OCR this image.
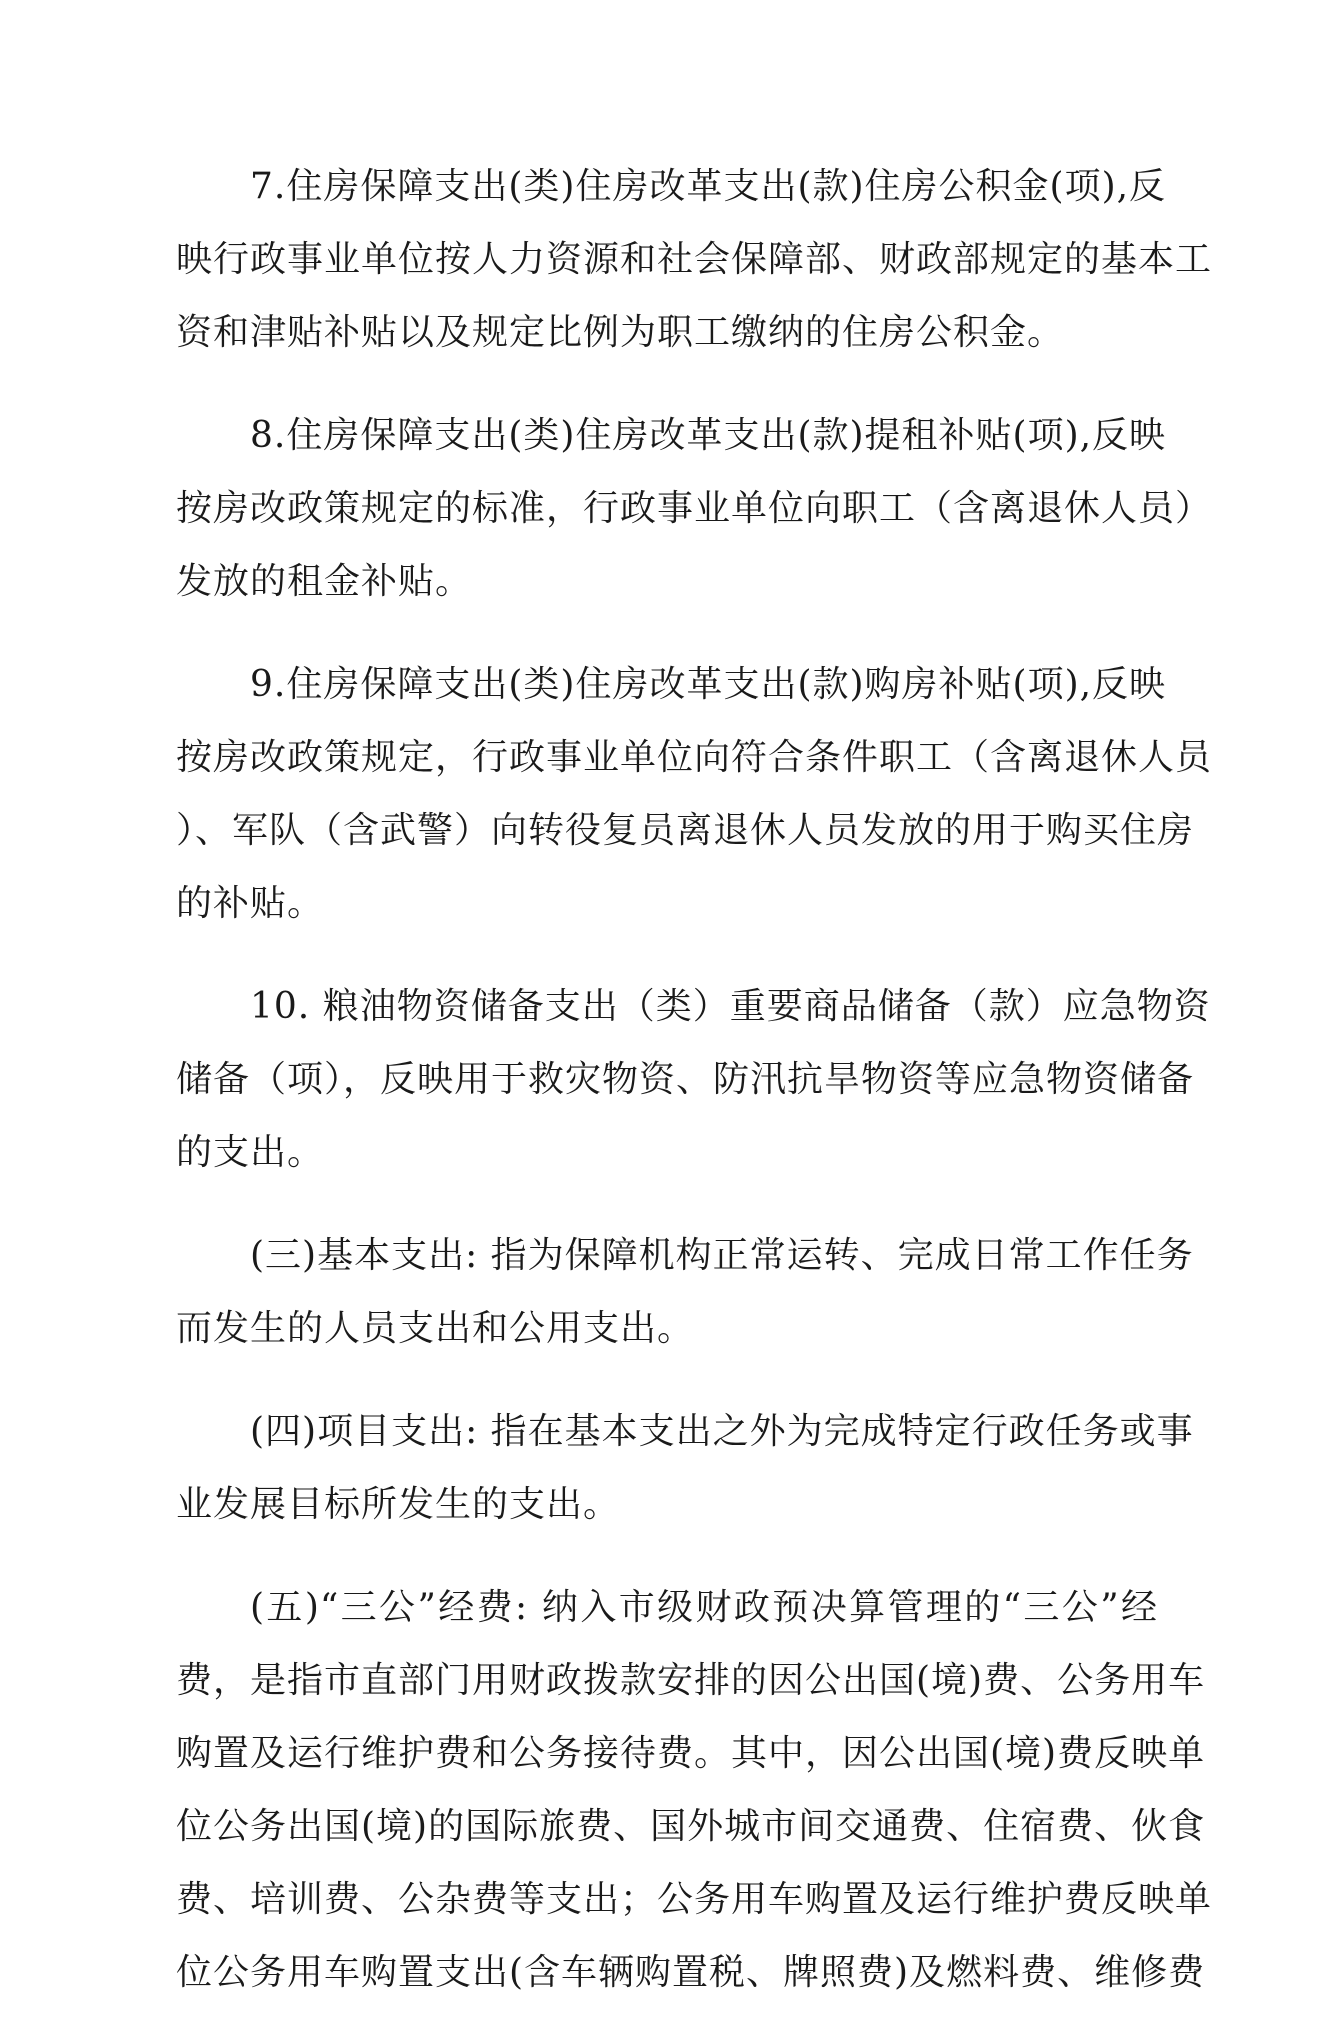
7.住房保障支出(类)住房改革支出(款)住房公积金(项),反
映行政事业单位按人力资源和社会保障部、财政部规定的基本工
资和津贴补贴以及规定比例为职工缴纳的住房公积金。
8.住房保障支出(类)住房改革支出(款)提租补贴(项),反映
按房改政策规定的标准，行政事业单位向职工（含离退休人员）
发放的租金补贴。
9.住房保障支出(类)住房改革支出(款)购房补贴(项),反映
按房改政策规定，行政事业单位向符合条件职工（含离退休人员
）、军队（含武警）向转役复员离退休人员发放的用于购买住房
的补贴。
10. 粮油物资储备支出（类）重要商品储备（款）应急物资
储备（项），反映用于救灾物资、防汛抗旱物资等应急物资储备
的支出。
(三)基本支出: 指为保障机构正常运转、完成日常工作任务
而发生的人员支出和公用支出。
(四)项目支出: 指在基本支出之外为完成特定行政任务或事
业发展目标所发生的支出。
(五)“三公”经费: 纳入市级财政预决算管理的“三公”经
费，是指市直部门用财政拨款安排的因公出国(境)费、公务用车
购置及运行维护费和公务接待费。其中，因公出国(境)费反映单
位公务出国(境)的国际旅费、国外城市间交通费、住宿费、伙食
费、培训费、公杂费等支出；公务用车购置及运行维护费反映单
位公务用车购置支出(含车辆购置税、牌照费)及燃料费、维修费
